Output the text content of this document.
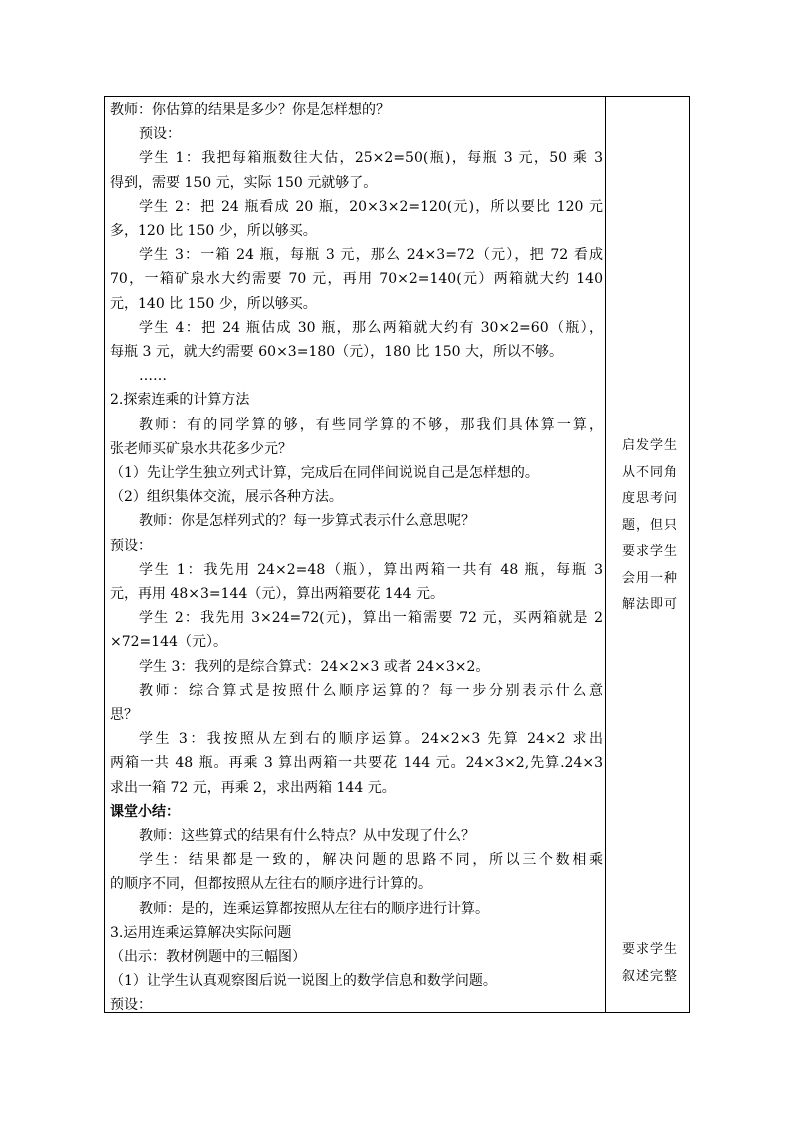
教师：你估算的结果是多少？你是怎样想的？
预设：
学生 1：我把每箱瓶数往大估，25×2=50(瓶)，每瓶 3 元，50 乘 3
得到，需要 150 元，实际 150 元就够了。
学生 2：把 24 瓶看成 20 瓶，20×3×2=120(元)，所以要比 120 元
多，120 比 150 少，所以够买。
学生 3：一箱 24 瓶，每瓶 3 元，那么 24×3=72（元），把 72 看成
70，一箱矿泉水大约需要 70 元，再用 70×2=140(元）两箱就大约 140
元，140 比 150 少，所以够买。
学生 4：把 24 瓶估成 30 瓶，那么两箱就大约有 30×2=60（瓶），
每瓶 3 元，就大约需要 60×3=180（元），180 比 150 大，所以不够。
……
2.探索连乘的计算方法
教师：有的同学算的够，有些同学算的不够，那我们具体算一算，
张老师买矿泉水共花多少元？
（1）先让学生独立列式计算，完成后在同伴间说说自己是怎样想的。
（2）组织集体交流，展示各种方法。
教师：你是怎样列式的？每一步算式表示什么意思呢？
预设：
学生 1：我先用 24×2=48（瓶），算出两箱一共有 48 瓶，每瓶 3
元，再用 48×3=144（元），算出两箱要花 144 元。
学生 2：我先用 3×24=72(元)，算出一箱需要 72 元，买两箱就是 2
×72=144（元）。
学生 3：我列的是综合算式：24×2×3 或者 24×3×2。
教师：综合算式是按照什么顺序运算的？每一步分别表示什么意
思？
学生 3：我按照从左到右的顺序运算。24×2×3 先算 24×2 求出
两箱一共 48 瓶。再乘 3 算出两箱一共要花 144 元。24×3×2,先算.24×3
求出一箱 72 元，再乘 2，求出两箱 144 元。
课堂小结：
教师：这些算式的结果有什么特点？从中发现了什么？
学生：结果都是一致的，解决问题的思路不同，所以三个数相乘
的顺序不同，但都按照从左往右的顺序进行计算的。
教师：是的，连乘运算都按照从左往右的顺序进行计算。
3.运用连乘运算解决实际问题
（出示：教材例题中的三幅图）
（1）让学生认真观察图后说一说图上的数学信息和数学问题。
预设：
启发学生
从不同角
度思考问
题，但只
要求学生
会用一种
解法即可
要求学生
叙述完整
